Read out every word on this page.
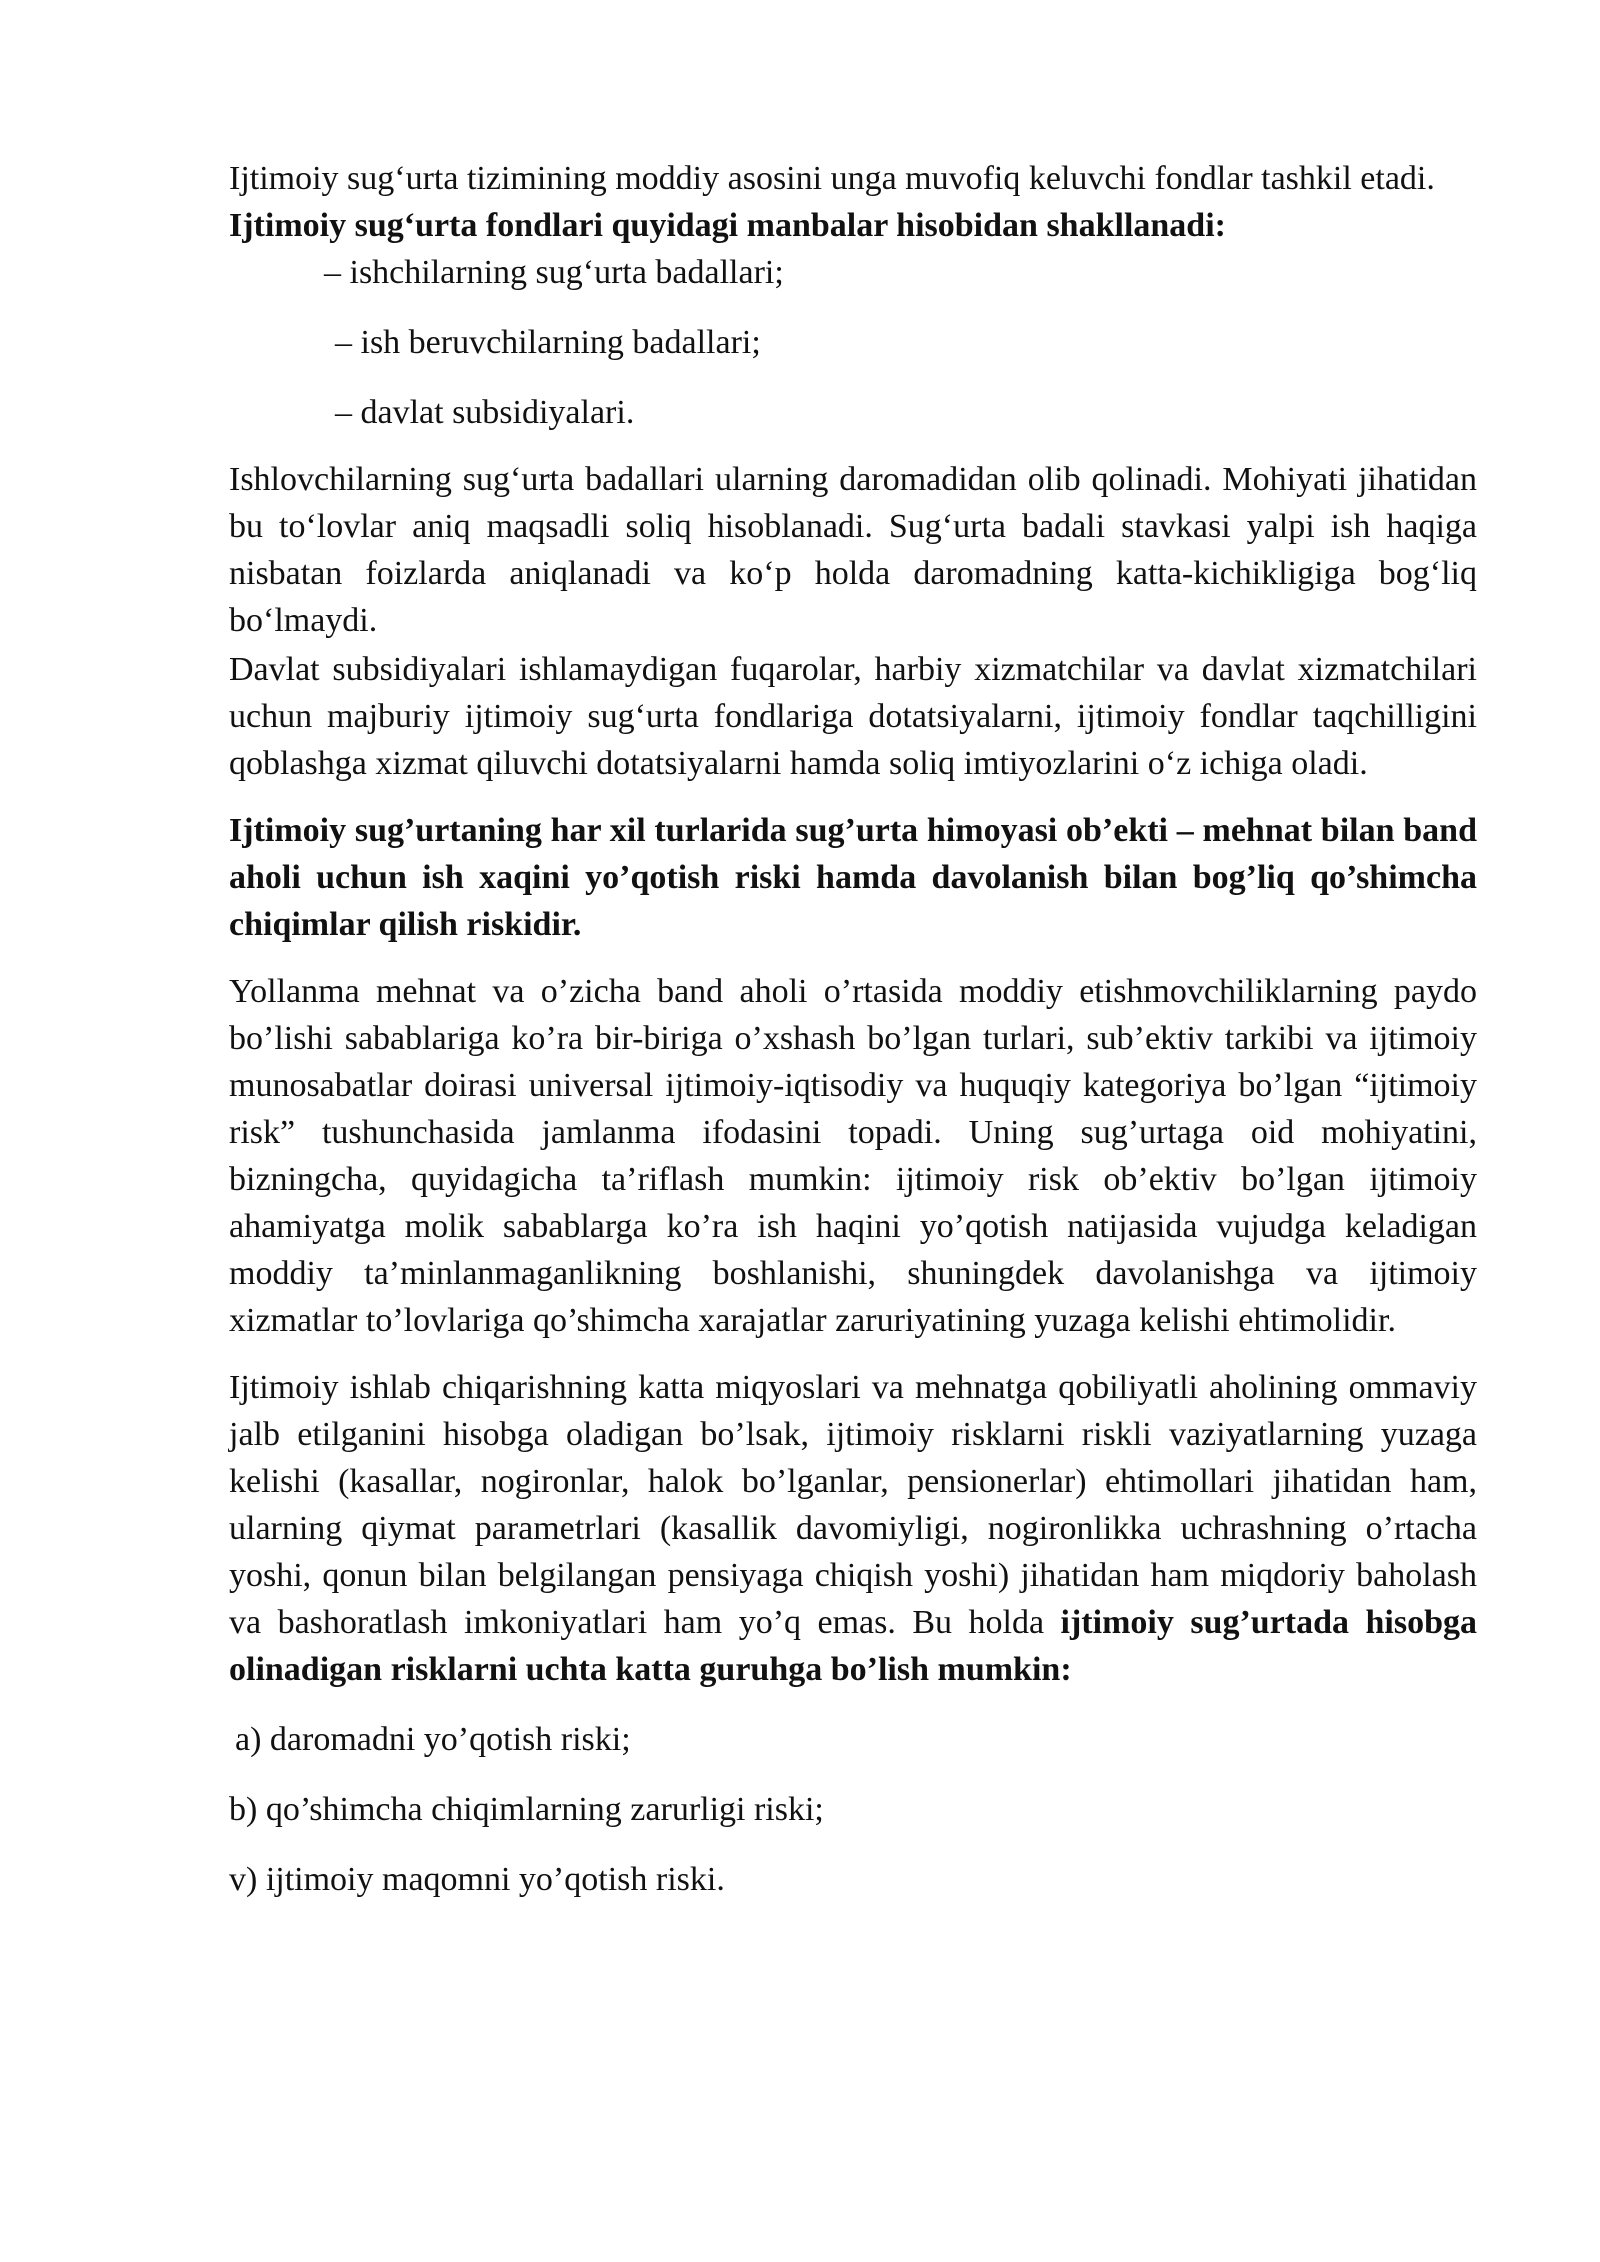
Ijtimoiy sug‘urta tizimining moddiy asosini unga muvofiq keluvchi fondlar tashkil etadi.

Ijtimoiy sug‘urta fondlari quyidagi manbalar hisobidan shakllanadi:

– ishchilarning sug‘urta badallari;

– ish beruvchilarning badallari;

– davlat subsidiyalari.

Ishlovchilarning sug‘urta badallari ularning daromadidan olib qolinadi. Mohiyati jihatidan bu to‘lovlar aniq maqsadli soliq hisoblanadi. Sug‘urta badali stavkasi yalpi ish haqiga nisbatan foizlarda aniqlanadi va ko‘p holda daromadning katta-kichikligiga bog‘liq bo‘lmaydi.

Davlat subsidiyalari ishlamaydigan fuqarolar, harbiy xizmatchilar va davlat xizmatchilari uchun majburiy ijtimoiy sug‘urta fondlariga dotatsiyalarni, ijtimoiy fondlar taqchilligini qoblashga xizmat qiluvchi dotatsiyalarni hamda soliq imtiyozlarini o‘z ichiga oladi.

Ijtimoiy sug’urtaning har xil turlarida sug’urta himoyasi ob’ekti – mehnat bilan band aholi uchun ish xaqini yo’qotish riski hamda davolanish bilan bog’liq qo’shimcha chiqimlar qilish riskidir.

Yollanma mehnat va o’zicha band aholi o’rtasida moddiy etishmovchiliklarning paydo bo’lishi sabablariga ko’ra bir-biriga o’xshash bo’lgan turlari, sub’ektiv tarkibi va ijtimoiy munosabatlar doirasi universal ijtimoiy-iqtisodiy va huquqiy kategoriya bo’lgan “ijtimoiy risk” tushunchasida jamlanma ifodasini topadi. Uning sug’urtaga oid mohiyatini, bizningcha, quyidagicha ta’riflash mumkin: ijtimoiy risk ob’ektiv bo’lgan ijtimoiy ahamiyatga molik sabablarga ko’ra ish haqini yo’qotish natijasida vujudga keladigan moddiy ta’minlanmaganlikning boshlanishi, shuningdek davolanishga va ijtimoiy xizmatlar to’lovlariga qo’shimcha xarajatlar zaruriyatining yuzaga kelishi ehtimolidir.

Ijtimoiy ishlab chiqarishning katta miqyoslari va mehnatga qobiliyatli aholining ommaviy jalb etilganini hisobga oladigan bo’lsak, ijtimoiy risklarni riskli vaziyatlarning yuzaga kelishi (kasallar, nogironlar, halok bo’lganlar, pensionerlar) ehtimollari jihatidan ham, ularning qiymat parametrlari (kasallik davomiyligi, nogironlikka uchrashning o’rtacha yoshi, qonun bilan belgilangan pensiyaga chiqish yoshi) jihatidan ham miqdoriy baholash va bashoratlash imkoniyatlari ham yo’q emas. Bu holda ijtimoiy sug’urtada hisobga olinadigan risklarni uchta katta guruhga bo’lish mumkin:

a) daromadni yo’qotish riski;

b) qo’shimcha chiqimlarning zarurligi riski;

v) ijtimoiy maqomni yo’qotish riski.
